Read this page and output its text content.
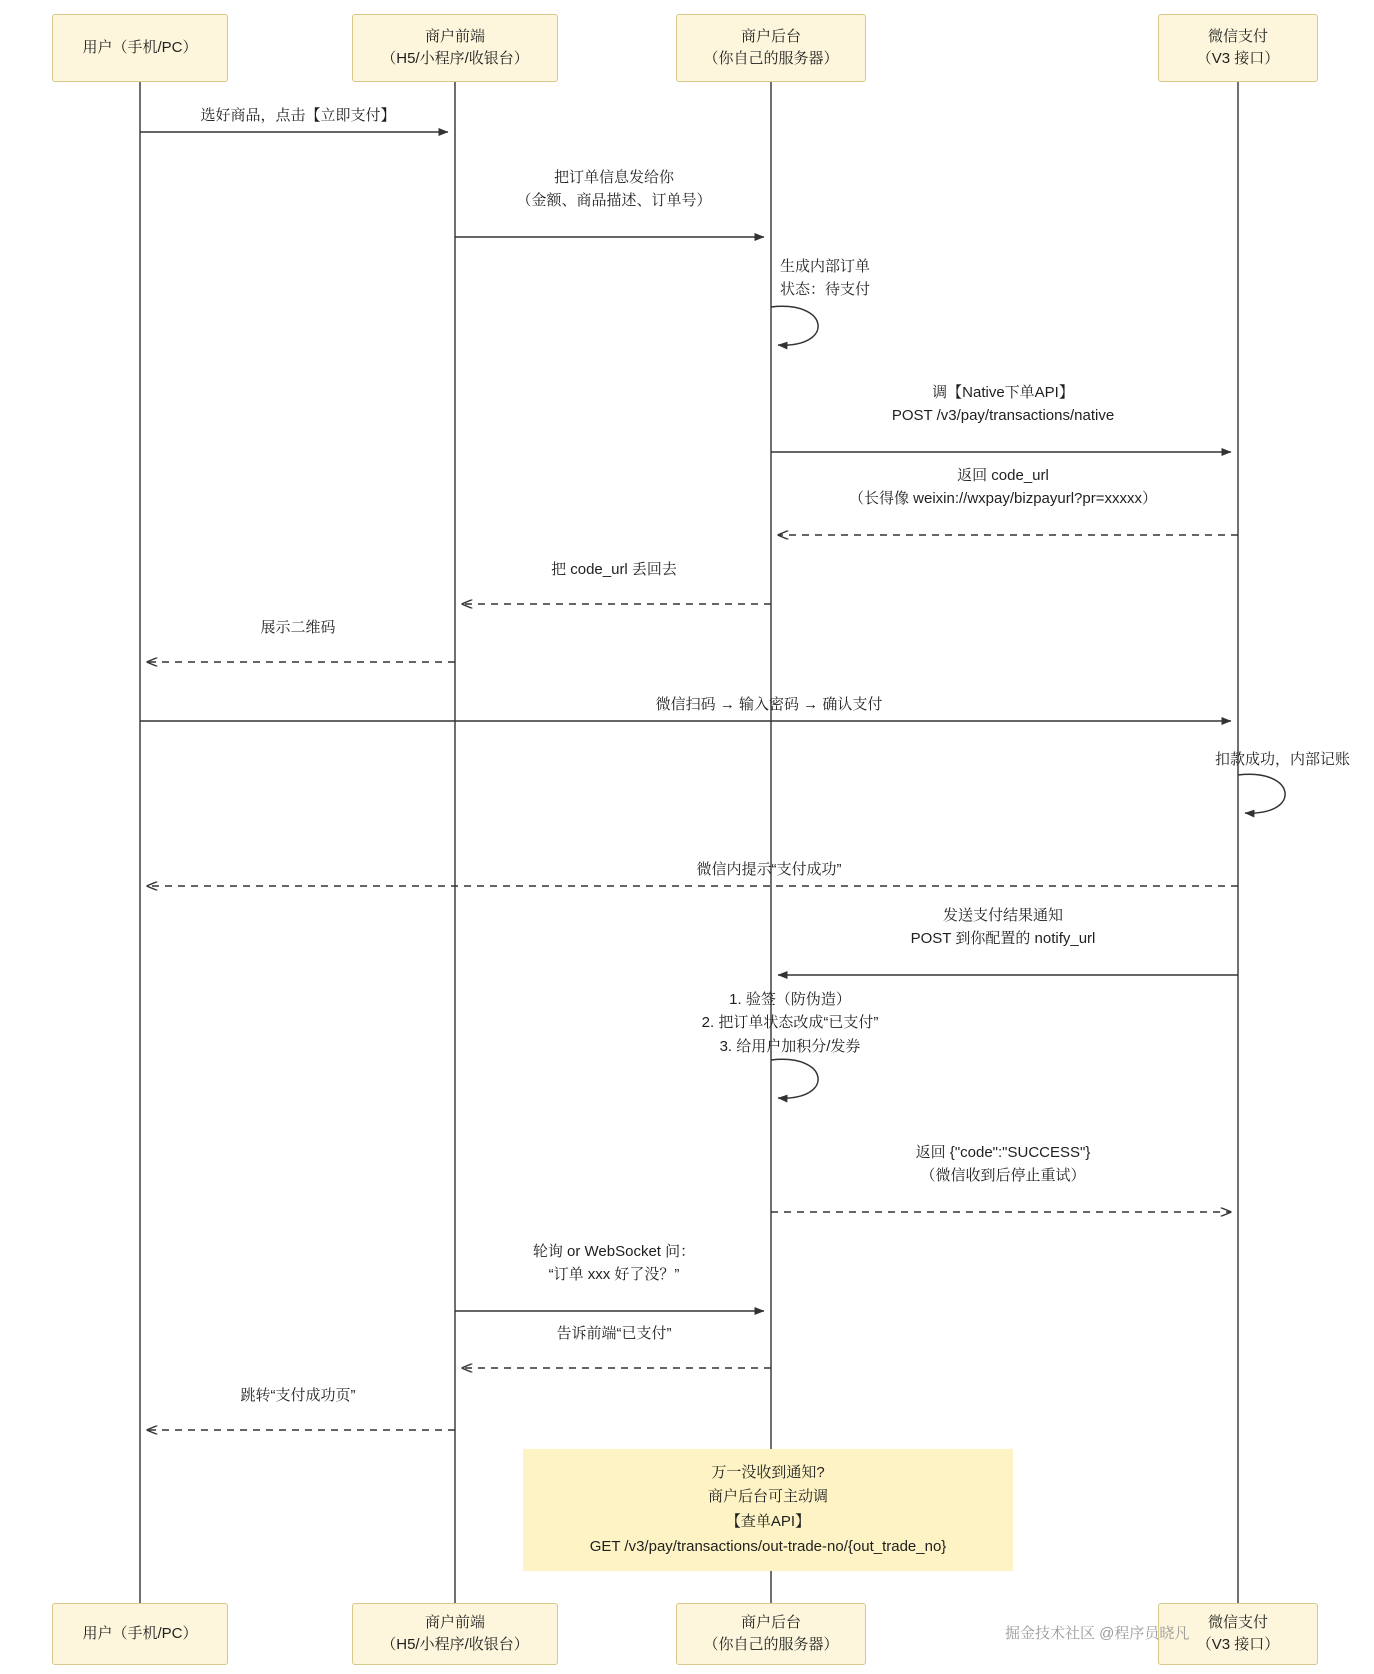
用户（手机/PC）
商户前端
（H5/小程序/收银台）
商户后台
（你自己的服务器）
微信支付
（V3 接口）
用户（手机/PC）
商户前端
（H5/小程序/收银台）
商户后台
（你自己的服务器）
微信支付
（V3 接口）
选好商品，点击【立即支付】
把订单信息发给你
（金额、商品描述、订单号）
生成内部订单
状态：待支付
调【Native下单API】
POST /v3/pay/transactions/native
返回 code_url
（长得像 weixin://wxpay/bizpayurl?pr=xxxxx）
把 code_url 丢回去
展示二维码
微信扫码 → 输入密码 → 确认支付
扣款成功，内部记账
微信内提示“支付成功”
发送支付结果通知
POST 到你配置的 notify_url
1. 验签（防伪造）
2. 把订单状态改成“已支付”
3. 给用户加积分/发券
返回 {"code":"SUCCESS"}
（微信收到后停止重试）
轮询 or WebSocket 问：
“订单 xxx 好了没？”
告诉前端“已支付”
跳转“支付成功页”
万一没收到通知?
商户后台可主动调
【查单API】
GET /v3/pay/transactions/out-trade-no/{out_trade_no}
掘金技术社区 @程序员晓凡
